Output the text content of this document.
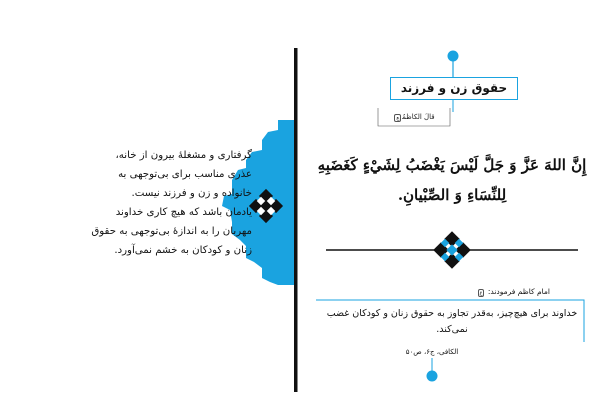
گرفتاری و مشغلهٔ بیرون از خانه،

عذری مناسب برای بی‌توجهی به

خانواده و زن و فرزند نیست.

یادمان باشد که هیچ کاری خداوند

مهربان را به اندازهٔ بی‌توجهی به حقوق

زنان و کودکان به خشم نمی‌آورد.

حقوق زن و فرزند
قالَ الکاظمُع
إِنَّ اللهَ عَزَّ وَ جَلَّ لَيْسَ يَغْضَبُ لِشَيْءٍ كَغَضَبِهِ
لِلنِّسَاءِ وَ الصِّبْيانِ.
امام کاظم فرمودند: ع
خداوند برای هیچ‌چیز، به‌قدر تجاوز به حقوق زنان و کودکان غضب نمی‌کند.
الکافی، ج۶، ص۵۰
